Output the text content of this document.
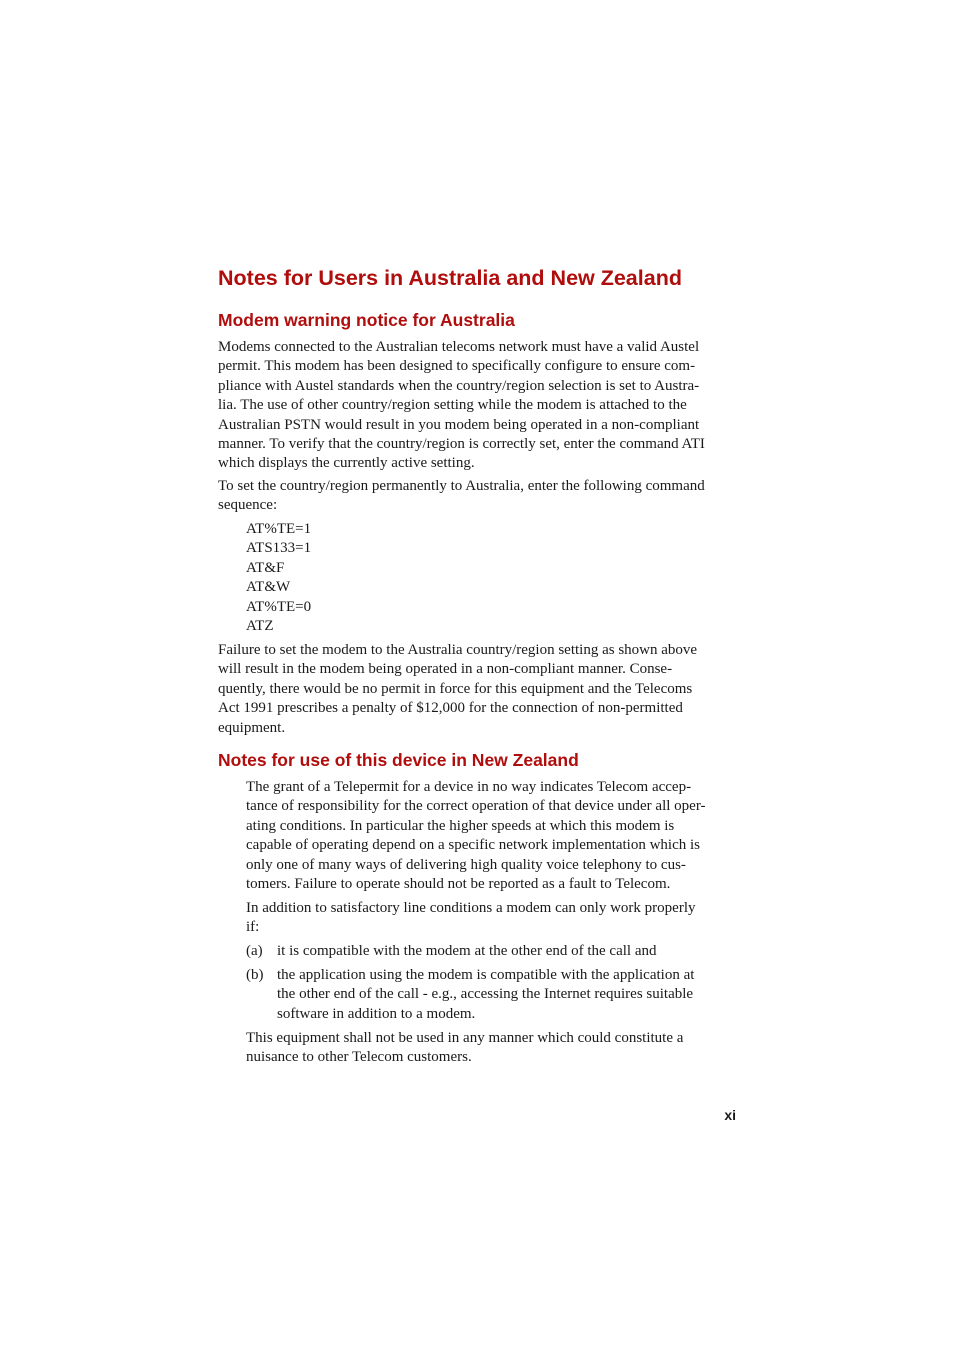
Notes for Users in Australia and New Zealand
Modem warning notice for Australia

Modems connected to the Australian telecoms network must have a valid Austel
permit. This modem has been designed to specifically configure to ensure com-
pliance with Austel standards when the country/region selection is set to Austra-
lia. The use of other country/region setting while the modem is attached to the
Australian PSTN would result in you modem being operated in a non-compliant
manner. To verify that the country/region is correctly set, enter the command ATI
which displays the currently active setting.

To set the country/region permanently to Australia, enter the following command
sequence:

AT%TE=1
ATS133=1
AT&F
AT&W
AT%TE=0
ATZ

Failure to set the modem to the Australia country/region setting as shown above
will result in the modem being operated in a non-compliant manner. Conse-
quently, there would be no permit in force for this equipment and the Telecoms
Act 1991 prescribes a penalty of $12,000 for the connection of non-permitted
equipment.

Notes for use of this device in New Zealand

The grant of a Telepermit for a device in no way indicates Telecom accep-
tance of responsibility for the correct operation of that device under all oper-
ating conditions. In particular the higher speeds at which this modem is
capable of operating depend on a specific network implementation which is
only one of many ways of delivering high quality voice telephony to cus-
tomers. Failure to operate should not be reported as a fault to Telecom.

In addition to satisfactory line conditions a modem can only work properly
if:

(a) it is compatible with the modem at the other end of the call and

(b) the application using the modem is compatible with the application at
the other end of the call - e.g., accessing the Internet requires suitable
software in addition to a modem.

This equipment shall not be used in any manner which could constitute a
nuisance to other Telecom customers.

xi
